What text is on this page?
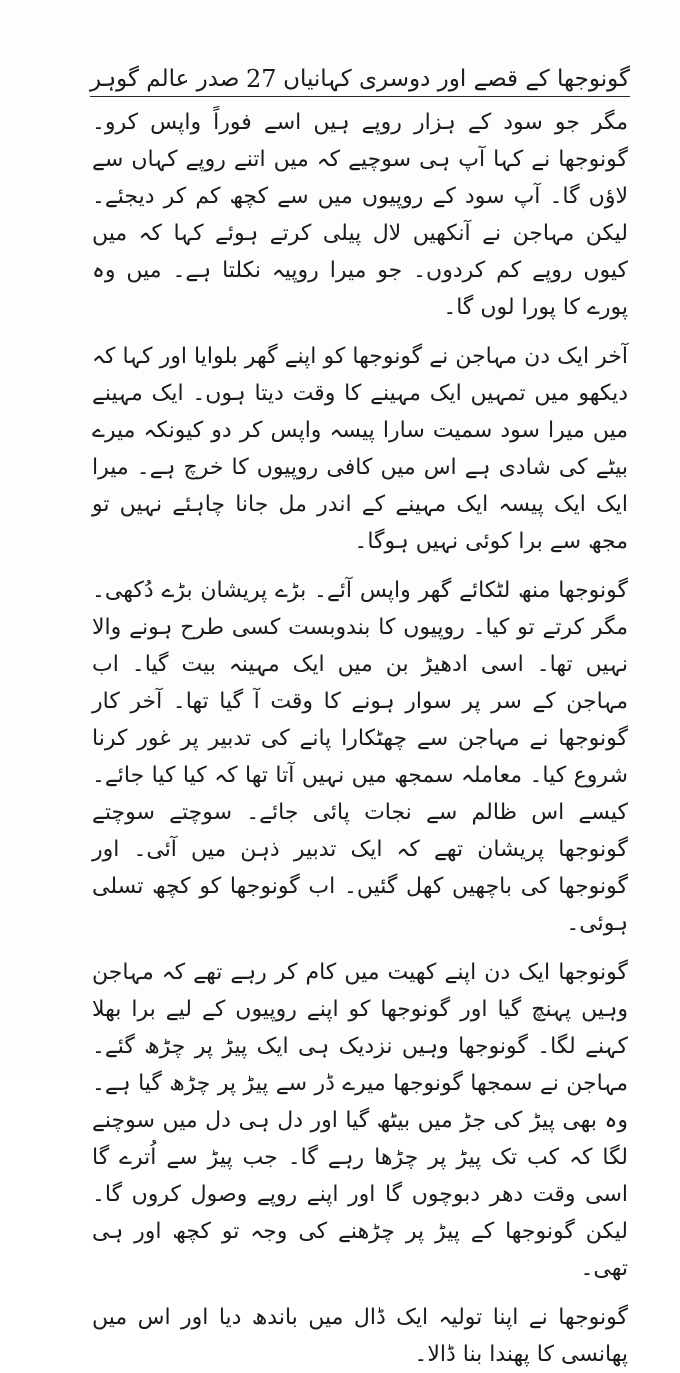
گونوجھا کے قصے اور دوسری کہانیاں
27
صدر عالم گوہر

مگر جو سود کے ہزار روپے ہیں اسے فوراً واپس کرو۔ گونوجھا نے کہا آپ ہی سوچیے کہ میں اتنے روپے کہاں سے لاؤں گا۔ آپ سود کے روپیوں میں سے کچھ کم کر دیجئے۔ لیکن مہاجن نے آنکھیں لال پیلی کرتے ہوئے کہا کہ میں کیوں روپے کم کردوں۔ جو میرا روپیہ نکلتا ہے۔ میں وہ پورے کا پورا لوں گا۔

آخر ایک دن مہاجن نے گونوجھا کو اپنے گھر بلوایا اور کہا کہ دیکھو میں تمہیں ایک مہینے کا وقت دیتا ہوں۔ ایک مہینے میں میرا سود سمیت سارا پیسہ واپس کر دو کیونکہ میرے بیٹے کی شادی ہے اس میں کافی روپیوں کا خرچ ہے۔ میرا ایک ایک پیسہ ایک مہینے کے اندر مل جانا چاہئے نہیں تو مجھ سے برا کوئی نہیں ہوگا۔

گونوجھا منھ لٹکائے گھر واپس آئے۔ بڑے پریشان بڑے دُکھی۔ مگر کرتے تو کیا۔ روپیوں کا بندوبست کسی طرح ہونے والا نہیں تھا۔ اسی ادھیڑ بن میں ایک مہینہ بیت گیا۔ اب مہاجن کے سر پر سوار ہونے کا وقت آ گیا تھا۔ آخر کار گونوجھا نے مہاجن سے چھٹکارا پانے کی تدبیر پر غور کرنا شروع کیا۔ معاملہ سمجھ میں نہیں آتا تھا کہ کیا کیا جائے۔ کیسے اس ظالم سے نجات پائی جائے۔ سوچتے سوچتے گونوجھا پریشان تھے کہ ایک تدبیر ذہن میں آئی۔ اور گونوجھا کی باچھیں کھل گئیں۔ اب گونوجھا کو کچھ تسلی ہوئی۔

گونوجھا ایک دن اپنے کھیت میں کام کر رہے تھے کہ مہاجن وہیں پہنچ گیا اور گونوجھا کو اپنے روپیوں کے لیے برا بھلا کہنے لگا۔ گونوجھا وہیں نزدیک ہی ایک پیڑ پر چڑھ گئے۔ مہاجن نے سمجھا گونوجھا میرے ڈر سے پیڑ پر چڑھ گیا ہے۔ وہ بھی پیڑ کی جڑ میں بیٹھ گیا اور دل ہی دل میں سوچنے لگا کہ کب تک پیڑ پر چڑھا رہے گا۔ جب پیڑ سے اُترے گا اسی وقت دھر دبوچوں گا اور اپنے روپے وصول کروں گا۔ لیکن گونوجھا کے پیڑ پر چڑھنے کی وجہ تو کچھ اور ہی تھی۔

گونوجھا نے اپنا تولیہ ایک ڈال میں باندھ دیا اور اس میں پھانسی کا پھندا بنا ڈالا۔
